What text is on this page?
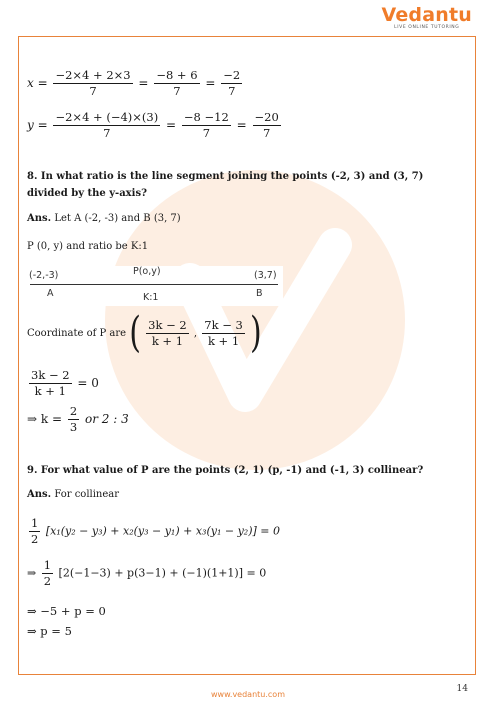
Vedantu
LIVE ONLINE TUTORING
$x = \frac{-2\times 4 + 2\times 3}{7} = \frac{-8 + 6}{7} = \frac{-2}{7}$
$y = \frac{-2\times 4 + (-4)\times(3)}{7} = \frac{-8 -12}{7} = \frac{-20}{7}$
8. In what ratio is the line segment joining the points (-2, 3) and (3, 7) divided by the y-axis?
Ans. Let A (-2, -3) and B (3, 7)
P (0, y) and ratio be K:1
(-2,-3)	P(o,y)	(3,7)
A	K:1	B
Coordinate of P are ( $\frac{3k - 2}{k + 1}$ , $\frac{7k - 3}{k + 1}$ )
$\frac{3k - 2}{k + 1} = 0$
⇒ $k = \frac{2}{3}$ or 2 : 3
9. For what value of P are the points (2, 1) (p, -1) and (-1, 3) collinear?
Ans. For collinear
$\frac{1}{2} [x_1(y_2 - y_3) + x_2(y_3 - y_1) + x_3(y_1 - y_2)] = 0$
⇒ $\frac{1}{2} [2(-1-3) + p(3-1) + (-1)(1+1)] = 0$
⇒ −5 + p = 0
⇒ p = 5
14
www.vedantu.com
